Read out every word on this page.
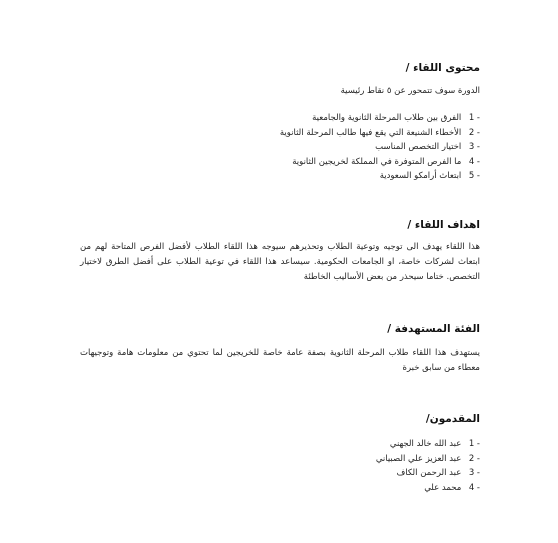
محتوى اللقاء /
الدورة سوف تتمحور عن ٥ نقاط رئيسية
1 - الفرق بين طلاب المرحلة الثانوية والجامعية
2 - الأخطاء الشنيعة التي يقع فيها طالب المرحلة الثانوية
3 - اختيار التخصص المناسب
4 - ما الفرص المتوفرة في المملكة لخريجين الثانوية
5 - ابتعاث أرامكو السعودية
اهداف اللقاء /
هذا اللقاء يهدف الى توجيه وتوعية الطلاب وتحذيرهم سيوجه هذا اللقاء الطلاب لأفضل الفرص المتاحة لهم من ابتعاث لشركات خاصة، او الجامعات الحكومية. سيساعد هذا اللقاء في توعية الطلاب على أفضل الطرق لاختيار التخصص. ختاما سيحذر من بعض الأساليب الخاطئة
الفئة المستهدفة /
يستهدف هذا اللقاء طلاب المرحلة الثانوية بصفة عامة خاصة للخريجين لما تحتوي من معلومات هامة وتوجيهات معطاء من سابق خبرة
المقدمون/
1 - عبد الله خالد الجهني
2 - عبد العزيز علي الصبياني
3 - عبد الرحمن الكاف
4 - محمد علي
